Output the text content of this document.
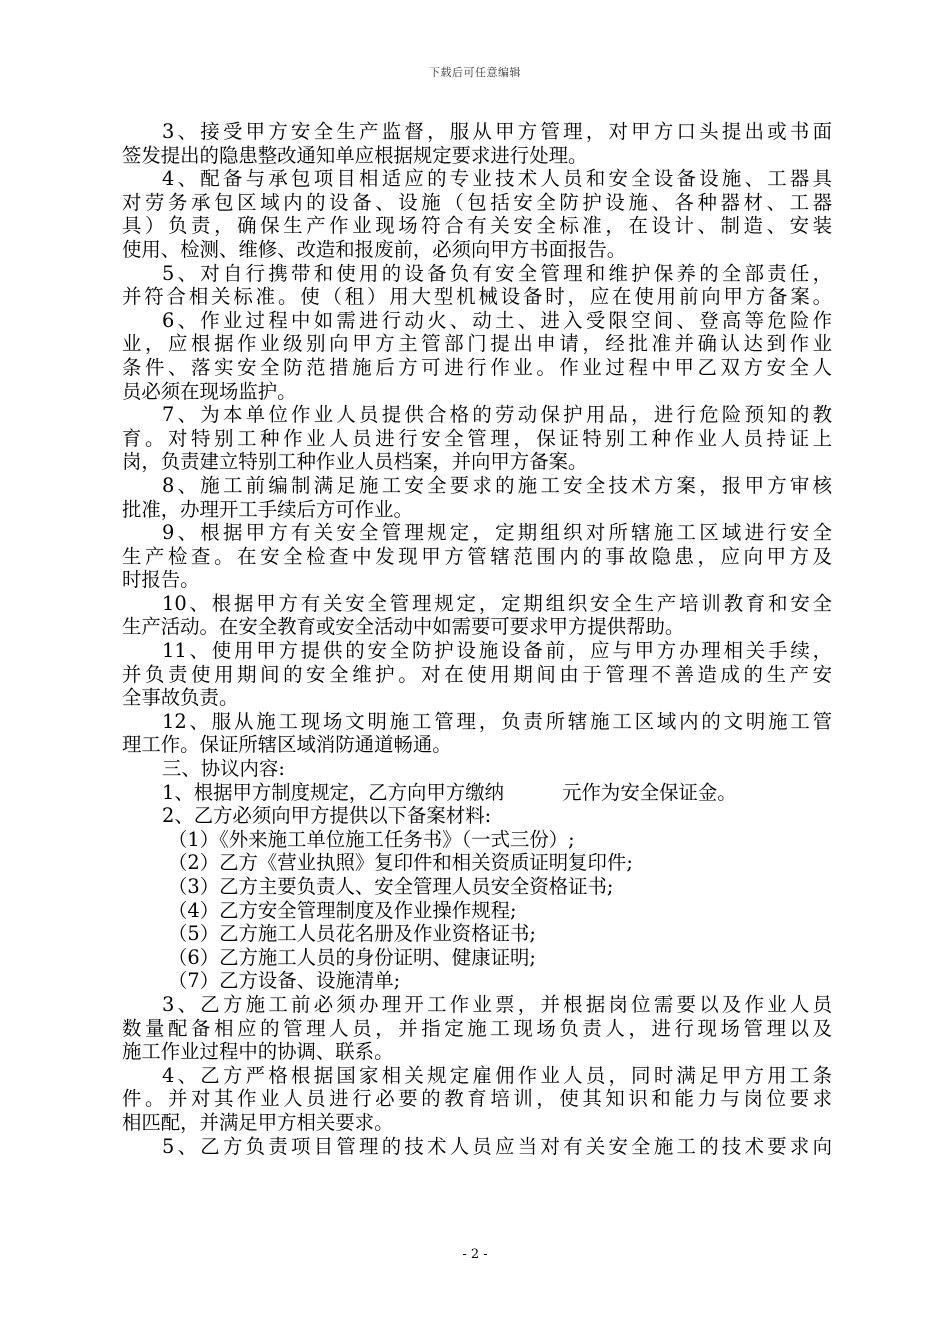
下载后可任意编辑
3、接受甲方安全生产监督，服从甲方管理，对甲方口头提出或书面
签发提出的隐患整改通知单应根据规定要求进行处理。
4、配备与承包项目相适应的专业技术人员和安全设备设施、工器具
对劳务承包区域内的设备、设施（包括安全防护设施、各种器材、工器
具）负责，确保生产作业现场符合有关安全标准，在设计、制造、安装
使用、检测、维修、改造和报废前，必须向甲方书面报告。
5、对自行携带和使用的设备负有安全管理和维护保养的全部责任，
并符合相关标准。使（租）用大型机械设备时，应在使用前向甲方备案。
6、作业过程中如需进行动火、动土、进入受限空间、登高等危险作
业，应根据作业级别向甲方主管部门提出申请，经批准并确认达到作业
条件、落实安全防范措施后方可进行作业。作业过程中甲乙双方安全人
员必须在现场监护。
7、为本单位作业人员提供合格的劳动保护用品，进行危险预知的教
育。对特别工种作业人员进行安全管理，保证特别工种作业人员持证上
岗，负责建立特别工种作业人员档案，并向甲方备案。
8、施工前编制满足施工安全要求的施工安全技术方案，报甲方审核
批准，办理开工手续后方可作业。
9、根据甲方有关安全管理规定，定期组织对所辖施工区域进行安全
生产检查。在安全检查中发现甲方管辖范围内的事故隐患，应向甲方及
时报告。
10、根据甲方有关安全管理规定，定期组织安全生产培训教育和安全
生产活动。在安全教育或安全活动中如需要可要求甲方提供帮助。
11、使用甲方提供的安全防护设施设备前，应与甲方办理相关手续，
并负责使用期间的安全维护。对在使用期间由于管理不善造成的生产安
全事故负责。
12、服从施工现场文明施工管理，负责所辖施工区域内的文明施工管
理工作。保证所辖区域消防通道畅通。
三、协议内容:
1、根据甲方制度规定，乙方向甲方缴纳　　　元作为安全保证金。
2、乙方必须向甲方提供以下备案材料:
（1）《外来施工单位施工任务书》（一式三份）;
（2）乙方《营业执照》复印件和相关资质证明复印件;
（3）乙方主要负责人、安全管理人员安全资格证书;
（4）乙方安全管理制度及作业操作规程;
（5）乙方施工人员花名册及作业资格证书;
（6）乙方施工人员的身份证明、健康证明;
（7）乙方设备、设施清单;
3、乙方施工前必须办理开工作业票，并根据岗位需要以及作业人员
数量配备相应的管理人员，并指定施工现场负责人，进行现场管理以及
施工作业过程中的协调、联系。
4、乙方严格根据国家相关规定雇佣作业人员，同时满足甲方用工条
件。并对其作业人员进行必要的教育培训，使其知识和能力与岗位要求
相匹配，并满足甲方相关要求。
5、乙方负责项目管理的技术人员应当对有关安全施工的技术要求向
- 2 -
